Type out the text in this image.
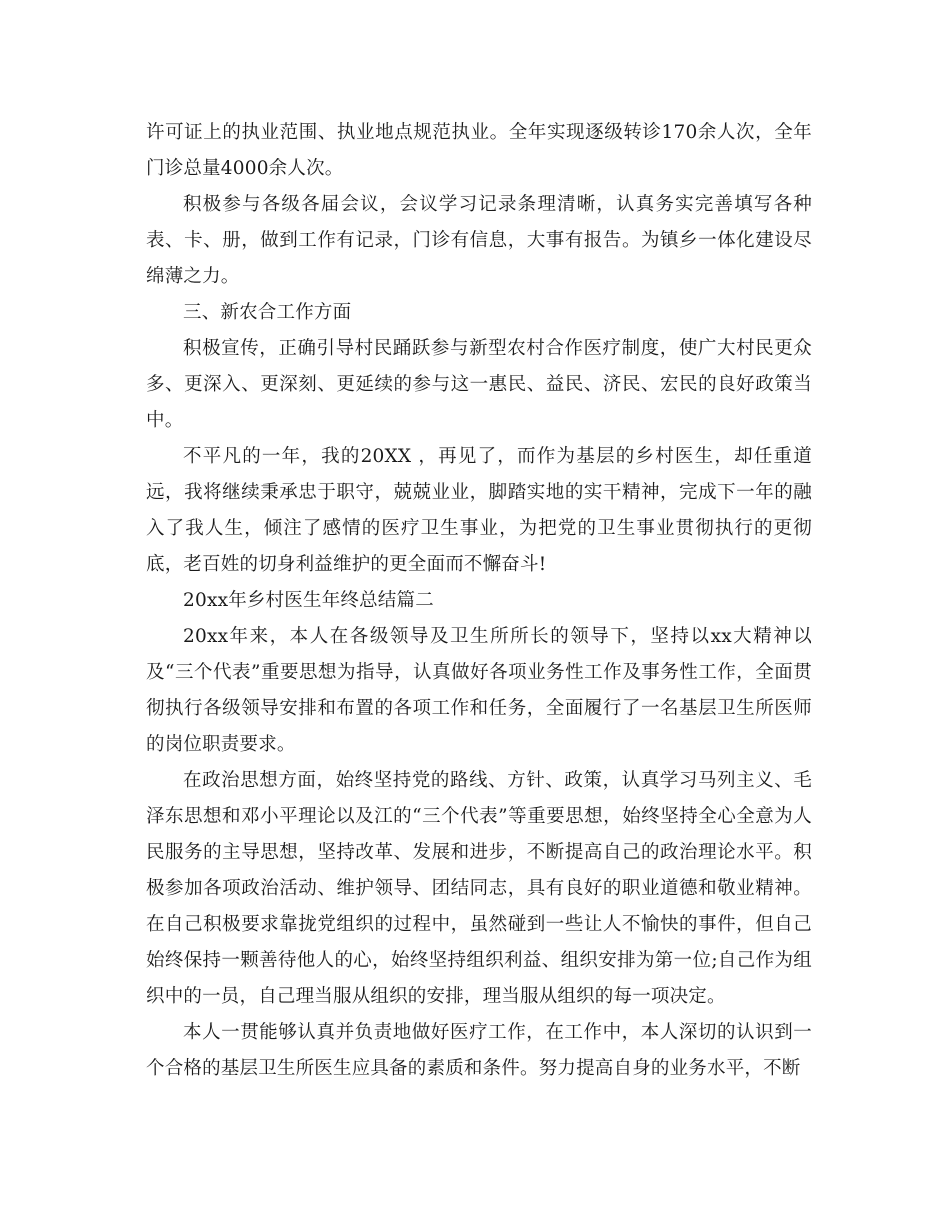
许可证上的执业范围、执业地点规范执业。全年实现逐级转诊170余人次，全年门诊总量4000余人次。

积极参与各级各届会议，会议学习记录条理清晰，认真务实完善填写各种表、卡、册，做到工作有记录，门诊有信息，大事有报告。为镇乡一体化建设尽绵薄之力。

三、新农合工作方面

积极宣传，正确引导村民踊跃参与新型农村合作医疗制度，使广大村民更众多、更深入、更深刻、更延续的参与这一惠民、益民、济民、宏民的良好政策当中。

不平凡的一年，我的20XX ，再见了，而作为基层的乡村医生，却任重道远，我将继续秉承忠于职守，兢兢业业，脚踏实地的实干精神，完成下一年的融入了我人生，倾注了感情的医疗卫生事业，为把党的卫生事业贯彻执行的更彻底，老百姓的切身利益维护的更全面而不懈奋斗!

20xx年乡村医生年终总结篇二

20xx年来，本人在各级领导及卫生所所长的领导下，坚持以xx大精神以及“三个代表”重要思想为指导，认真做好各项业务性工作及事务性工作，全面贯彻执行各级领导安排和布置的各项工作和任务，全面履行了一名基层卫生所医师的岗位职责要求。

在政治思想方面，始终坚持党的路线、方针、政策，认真学习马列主义、毛泽东思想和邓小平理论以及江的“三个代表”等重要思想，始终坚持全心全意为人民服务的主导思想，坚持改革、发展和进步，不断提高自己的政治理论水平。积极参加各项政治活动、维护领导、团结同志，具有良好的职业道德和敬业精神。在自己积极要求靠拢党组织的过程中，虽然碰到一些让人不愉快的事件，但自己始终保持一颗善待他人的心，始终坚持组织利益、组织安排为第一位;自己作为组织中的一员，自己理当服从组织的安排，理当服从组织的每一项决定。

本人一贯能够认真并负责地做好医疗工作，在工作中，本人深切的认识到一个合格的基层卫生所医生应具备的素质和条件。努力提高自身的业务水平，不断
